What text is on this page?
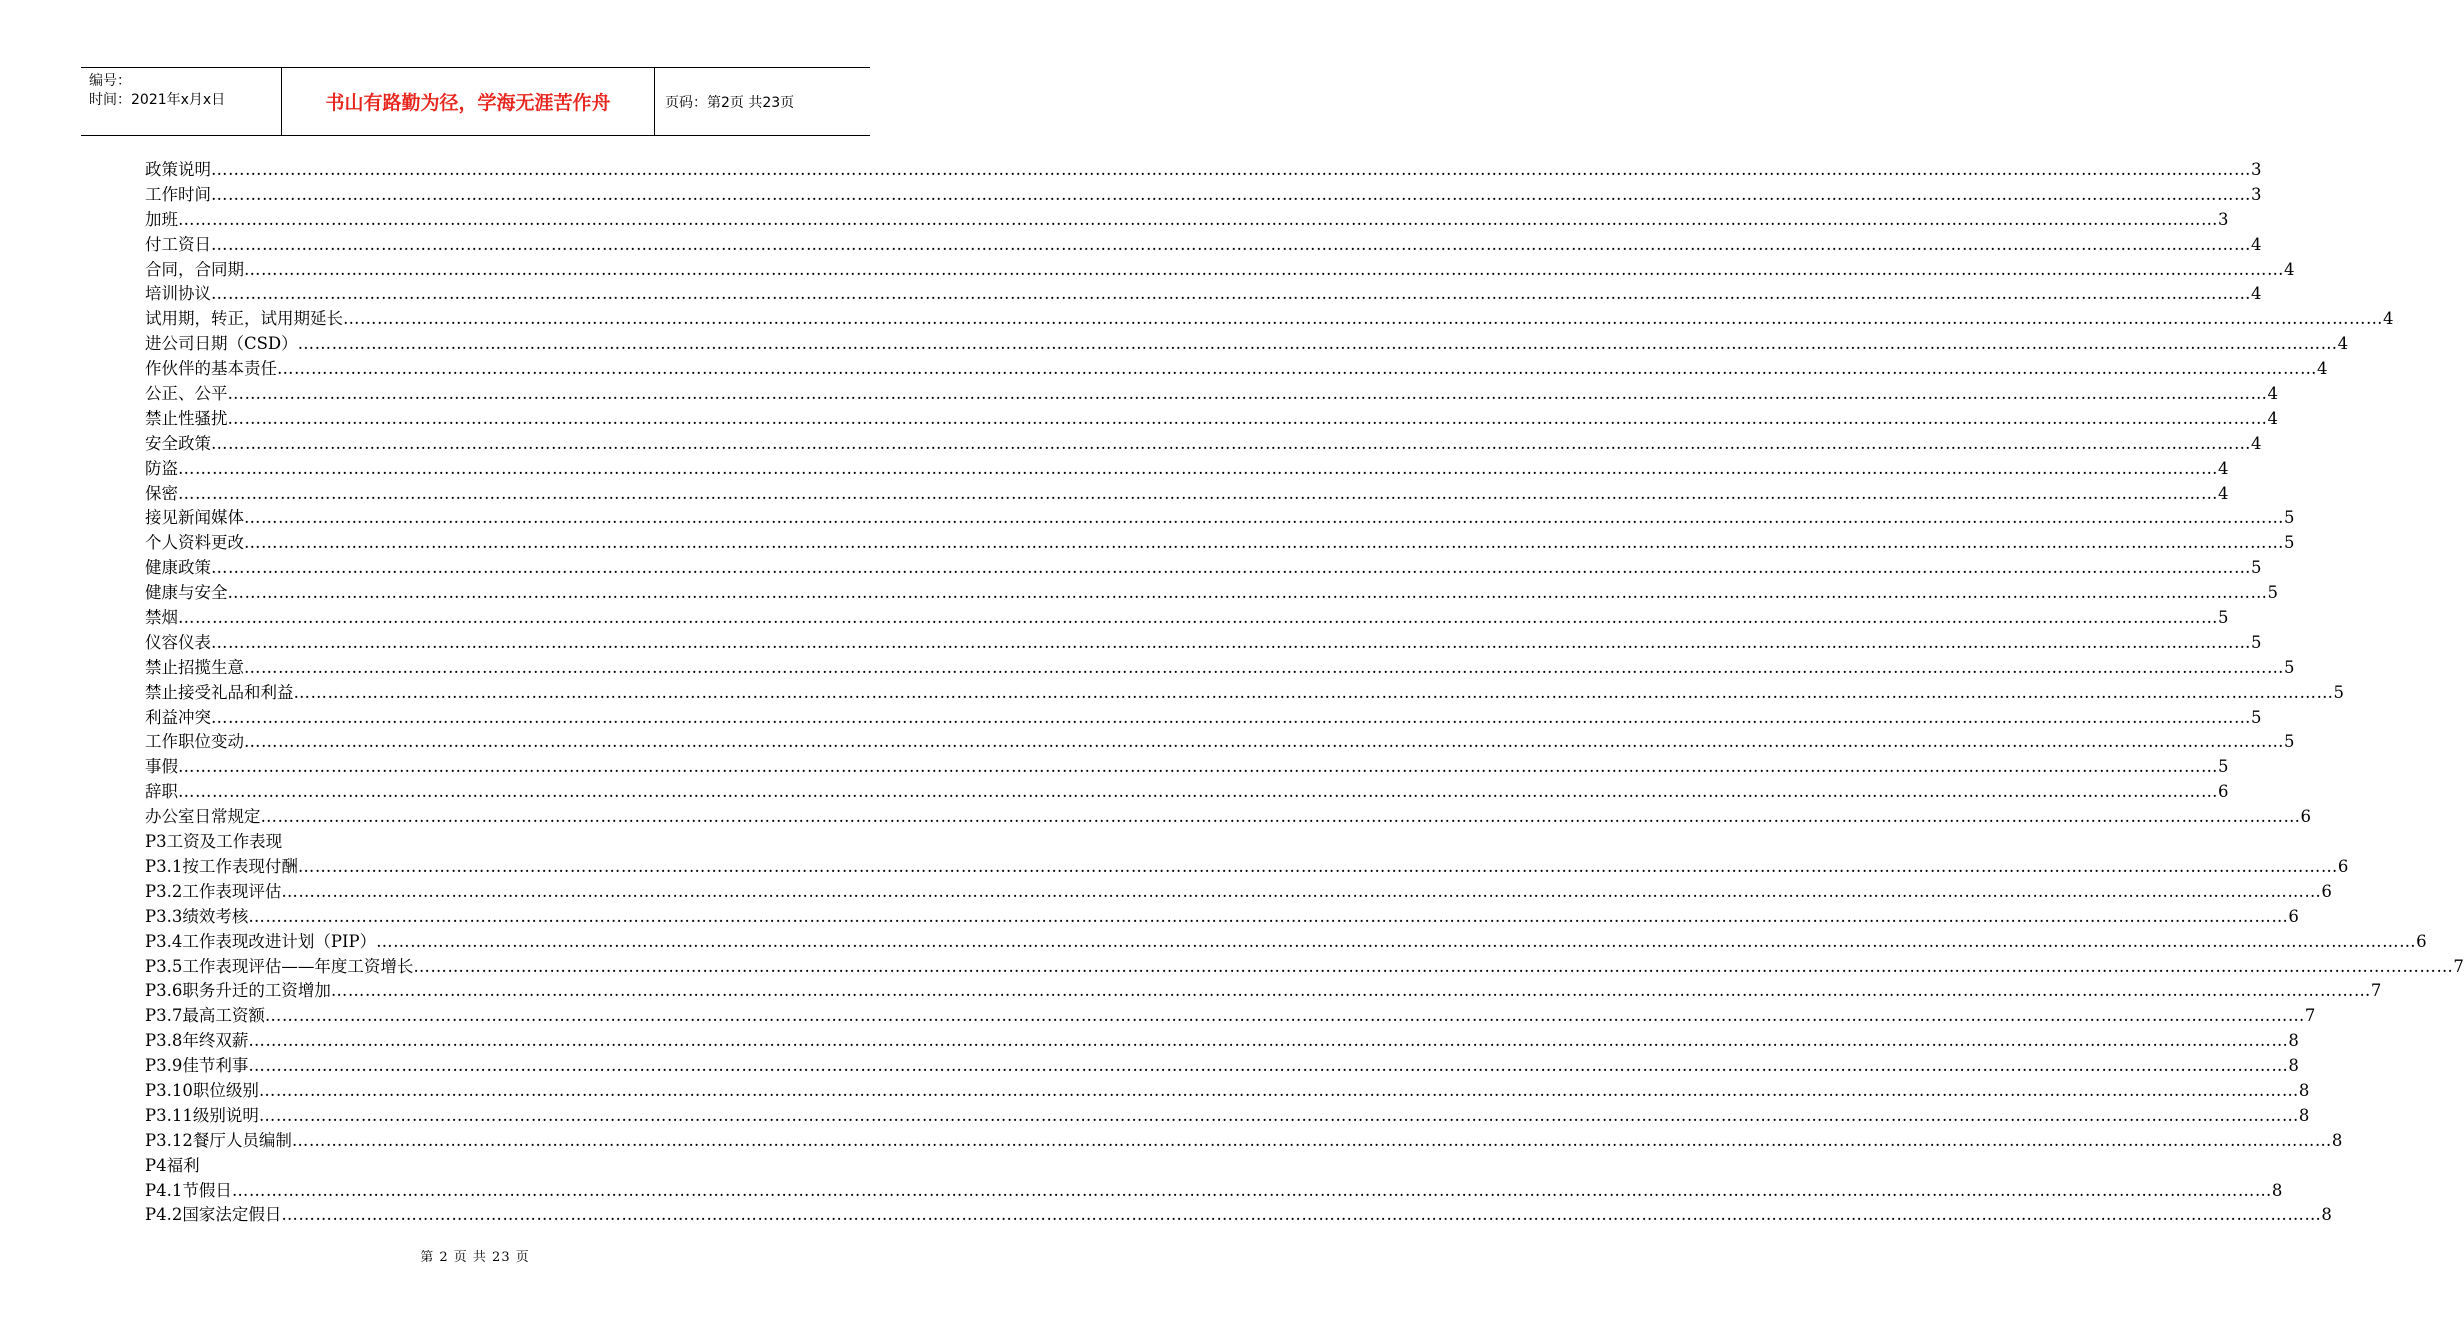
编号：
时间：2021年x月x日	书山有路勤为径，学海无涯苦作舟	页码：第2页 共23页
政策说明 ……………………………………………………………………………………………………………………………………………………………………………………………………………………………………………………………………………………………………………………………… 3
工作时间 ……………………………………………………………………………………………………………………………………………………………………………………………………………………………………………………………………………………………………………………………… 3
加班 ……………………………………………………………………………………………………………………………………………………………………………………………………………………………………………………………………………………………………………………………… 3
付工资日 ……………………………………………………………………………………………………………………………………………………………………………………………………………………………………………………………………………………………………………………………… 4
合同，合同期 ……………………………………………………………………………………………………………………………………………………………………………………………………………………………………………………………………………………………………………………………… 4
培训协议 ……………………………………………………………………………………………………………………………………………………………………………………………………………………………………………………………………………………………………………………………… 4
试用期，转正，试用期延长 ……………………………………………………………………………………………………………………………………………………………………………………………………………………………………………………………………………………………………………………………… 4
进公司日期（CSD） ……………………………………………………………………………………………………………………………………………………………………………………………………………………………………………………………………………………………………………………………… 4
作伙伴的基本责任 ……………………………………………………………………………………………………………………………………………………………………………………………………………………………………………………………………………………………………………………………… 4
公正、公平 ……………………………………………………………………………………………………………………………………………………………………………………………………………………………………………………………………………………………………………………………… 4
禁止性骚扰 ……………………………………………………………………………………………………………………………………………………………………………………………………………………………………………………………………………………………………………………………… 4
安全政策 ……………………………………………………………………………………………………………………………………………………………………………………………………………………………………………………………………………………………………………………………… 4
防盗 ……………………………………………………………………………………………………………………………………………………………………………………………………………………………………………………………………………………………………………………………… 4
保密 ……………………………………………………………………………………………………………………………………………………………………………………………………………………………………………………………………………………………………………………………… 4
接见新闻媒体 ……………………………………………………………………………………………………………………………………………………………………………………………………………………………………………………………………………………………………………………………… 5
个人资料更改 ……………………………………………………………………………………………………………………………………………………………………………………………………………………………………………………………………………………………………………………………… 5
健康政策 ……………………………………………………………………………………………………………………………………………………………………………………………………………………………………………………………………………………………………………………………… 5
健康与安全 ……………………………………………………………………………………………………………………………………………………………………………………………………………………………………………………………………………………………………………………………… 5
禁烟 ……………………………………………………………………………………………………………………………………………………………………………………………………………………………………………………………………………………………………………………………… 5
仪容仪表 ……………………………………………………………………………………………………………………………………………………………………………………………………………………………………………………………………………………………………………………………… 5
禁止招揽生意 ……………………………………………………………………………………………………………………………………………………………………………………………………………………………………………………………………………………………………………………………… 5
禁止接受礼品和利益 ……………………………………………………………………………………………………………………………………………………………………………………………………………………………………………………………………………………………………………………………… 5
利益冲突 ……………………………………………………………………………………………………………………………………………………………………………………………………………………………………………………………………………………………………………………………… 5
工作职位变动 ……………………………………………………………………………………………………………………………………………………………………………………………………………………………………………………………………………………………………………………………… 5
事假 ……………………………………………………………………………………………………………………………………………………………………………………………………………………………………………………………………………………………………………………………… 5
辞职 ……………………………………………………………………………………………………………………………………………………………………………………………………………………………………………………………………………………………………………………………… 6
办公室日常规定 ……………………………………………………………………………………………………………………………………………………………………………………………………………………………………………………………………………………………………………………………… 6
P3工资及工作表现
P3.1按工作表现付酬 ……………………………………………………………………………………………………………………………………………………………………………………………………………………………………………………………………………………………………………………………… 6
P3.2工作表现评估 ……………………………………………………………………………………………………………………………………………………………………………………………………………………………………………………………………………………………………………………………… 6
P3.3绩效考核 ……………………………………………………………………………………………………………………………………………………………………………………………………………………………………………………………………………………………………………………………… 6
P3.4工作表现改进计划（PIP） ……………………………………………………………………………………………………………………………………………………………………………………………………………………………………………………………………………………………………………………………… 6
P3.5工作表现评估——年度工资增长 ……………………………………………………………………………………………………………………………………………………………………………………………………………………………………………………………………………………………………………………………… 7
P3.6职务升迁的工资增加 ……………………………………………………………………………………………………………………………………………………………………………………………………………………………………………………………………………………………………………………………… 7
P3.7最高工资额 ……………………………………………………………………………………………………………………………………………………………………………………………………………………………………………………………………………………………………………………………… 7
P3.8年终双薪 ……………………………………………………………………………………………………………………………………………………………………………………………………………………………………………………………………………………………………………………………… 8
P3.9佳节利事 ……………………………………………………………………………………………………………………………………………………………………………………………………………………………………………………………………………………………………………………………… 8
P3.10职位级别 ……………………………………………………………………………………………………………………………………………………………………………………………………………………………………………………………………………………………………………………………… 8
P3.11级别说明 ……………………………………………………………………………………………………………………………………………………………………………………………………………………………………………………………………………………………………………………………… 8
P3.12餐厅人员编制 ……………………………………………………………………………………………………………………………………………………………………………………………………………………………………………………………………………………………………………………………… 8
P4福利
P4.1节假日 ……………………………………………………………………………………………………………………………………………………………………………………………………………………………………………………………………………………………………………………………… 8
P4.2国家法定假日 ……………………………………………………………………………………………………………………………………………………………………………………………………………………………………………………………………………………………………………………………… 8
第 2 页 共 23 页
